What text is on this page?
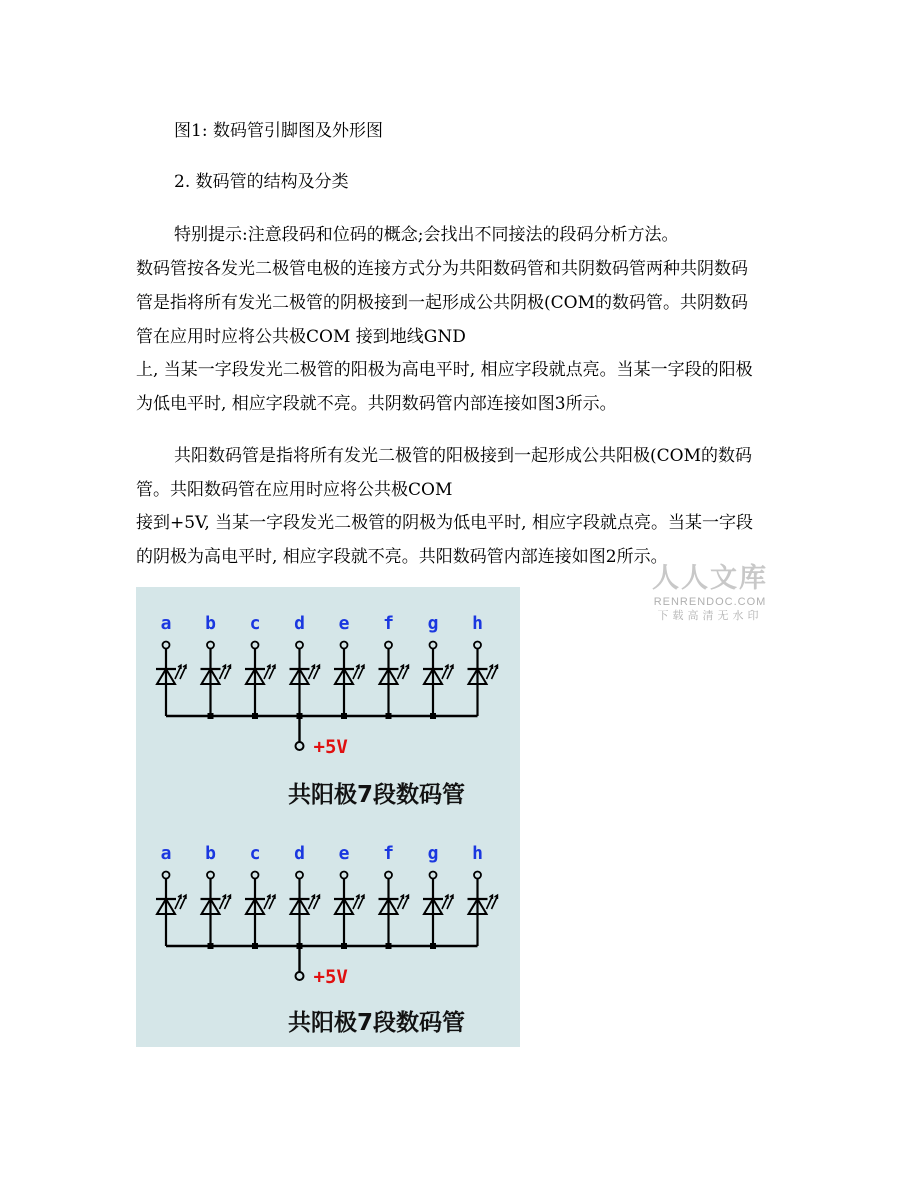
图1: 数码管引脚图及外形图

2. 数码管的结构及分类

特别提示:注意段码和位码的概念;会找出不同接法的段码分析方法。

数码管按各发光二极管电极的连接方式分为共阳数码管和共阴数码管两种共阴数码

管是指将所有发光二极管的阴极接到一起形成公共阴极(COM的数码管。共阴数码

管在应用时应将公共极COM 接到地线GND

上, 当某一字段发光二极管的阳极为高电平时, 相应字段就点亮。当某一字段的阳极

为低电平时, 相应字段就不亮。共阴数码管内部连接如图3所示。

共阳数码管是指将所有发光二极管的阳极接到一起形成公共阳极(COM的数码

管。共阳数码管在应用时应将公共极COM

接到+5V, 当某一字段发光二极管的阴极为低电平时, 相应字段就点亮。当某一字段

的阴极为高电平时, 相应字段就不亮。共阳数码管内部连接如图2所示。

人人文库
RENRENDOC.COM
下载高清无水印
a b c d e f g h
+5V
共阳极7段数码管
a b c d e f g h
+5V
共阳极7段数码管
